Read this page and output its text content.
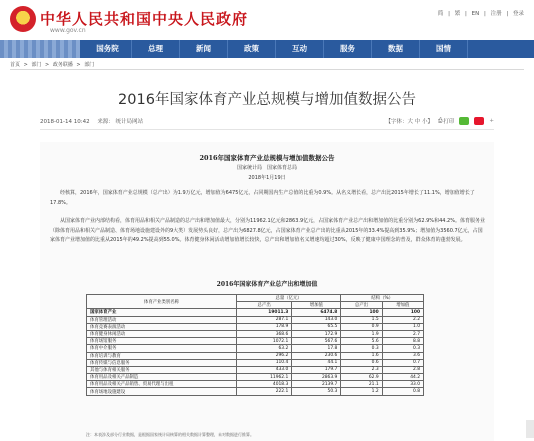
★
中华人民共和国中央人民政府
www.gov.cn
简 | 繁 | EN | 注册 | 登录
国务院	总理	新闻	政策	互动	服务	数据	国情
首页 > 部门 > 政务联播 > 部门
2016年国家体育产业总规模与增加值数据公告
2018-01-14 10:42 来源： 统计局网站	【字体：大 中 小】 ⎙ 打印	+
2016年国家体育产业总规模与增加值数据公告
国家统计局　国家体育总局
2018年1月19日

经核算，2016年，国家体育产业总规模（总产出）为1.9万亿元，增加值为6475亿元，占同期国内生产总值的比重为0.9%。从名义增长看，总产出比2015年增长了11.1%，增加值增长了17.8%。

从国家体育产业内部结构看，体育用品和相关产品制造的总产出和增加值最大，分别为11962.1亿元和2863.9亿元，占国家体育产业总产出和增加值的比重分别为62.9%和44.2%。体育服务业（除体育用品和相关产品制造、体育场地设施建设外的9大类）发展势头良好，总产出为6827.8亿元，占国家体育产业总产出的比重从2015年的33.4%提高到35.9%；增加值为3560.7亿元，占国家体育产业增加值的比重从2015年的49.2%提高到55.0%。体育健身休闲活动增加值增长较快，总产出和增加值名义增速均超过30%，反映了健康中国理念的普及，群众体育的蓬勃发展。

2016年国家体育产业总产出和增加值
体育产业类别名称	总量（亿元）		结构（%）	
	总产出	增加值	总产出	增加值
国家体育产业	19011.3	6474.8	100	100
体育管理活动	287.1	143.0	1.5	2.2
体育竞赛表演活动	178.9	65.5	0.9	1.0
体育健身休闲活动	368.6	172.9	1.9	2.7
体育场馆服务	1072.1	567.6	5.6	8.8
体育中介服务	63.2	17.8	0.3	0.3
体育培训与教育	296.2	230.6	1.6	3.6
体育传媒与信息服务	110.4	44.1	0.6	0.7
其他与体育相关服务	433.0	179.7	2.3	2.8
体育用品及相关产品制造	11962.1	2863.9	62.9	44.2
体育用品及相关产品销售、贸易代理与出租	4018.3	2139.7	21.1	33.0
体育场地设施建设	222.1	50.3	1.2	0.8
注：本表涉及部分行业数据，是根据国家统计局核算的相关数据计算整理，未对数据进行推算。
